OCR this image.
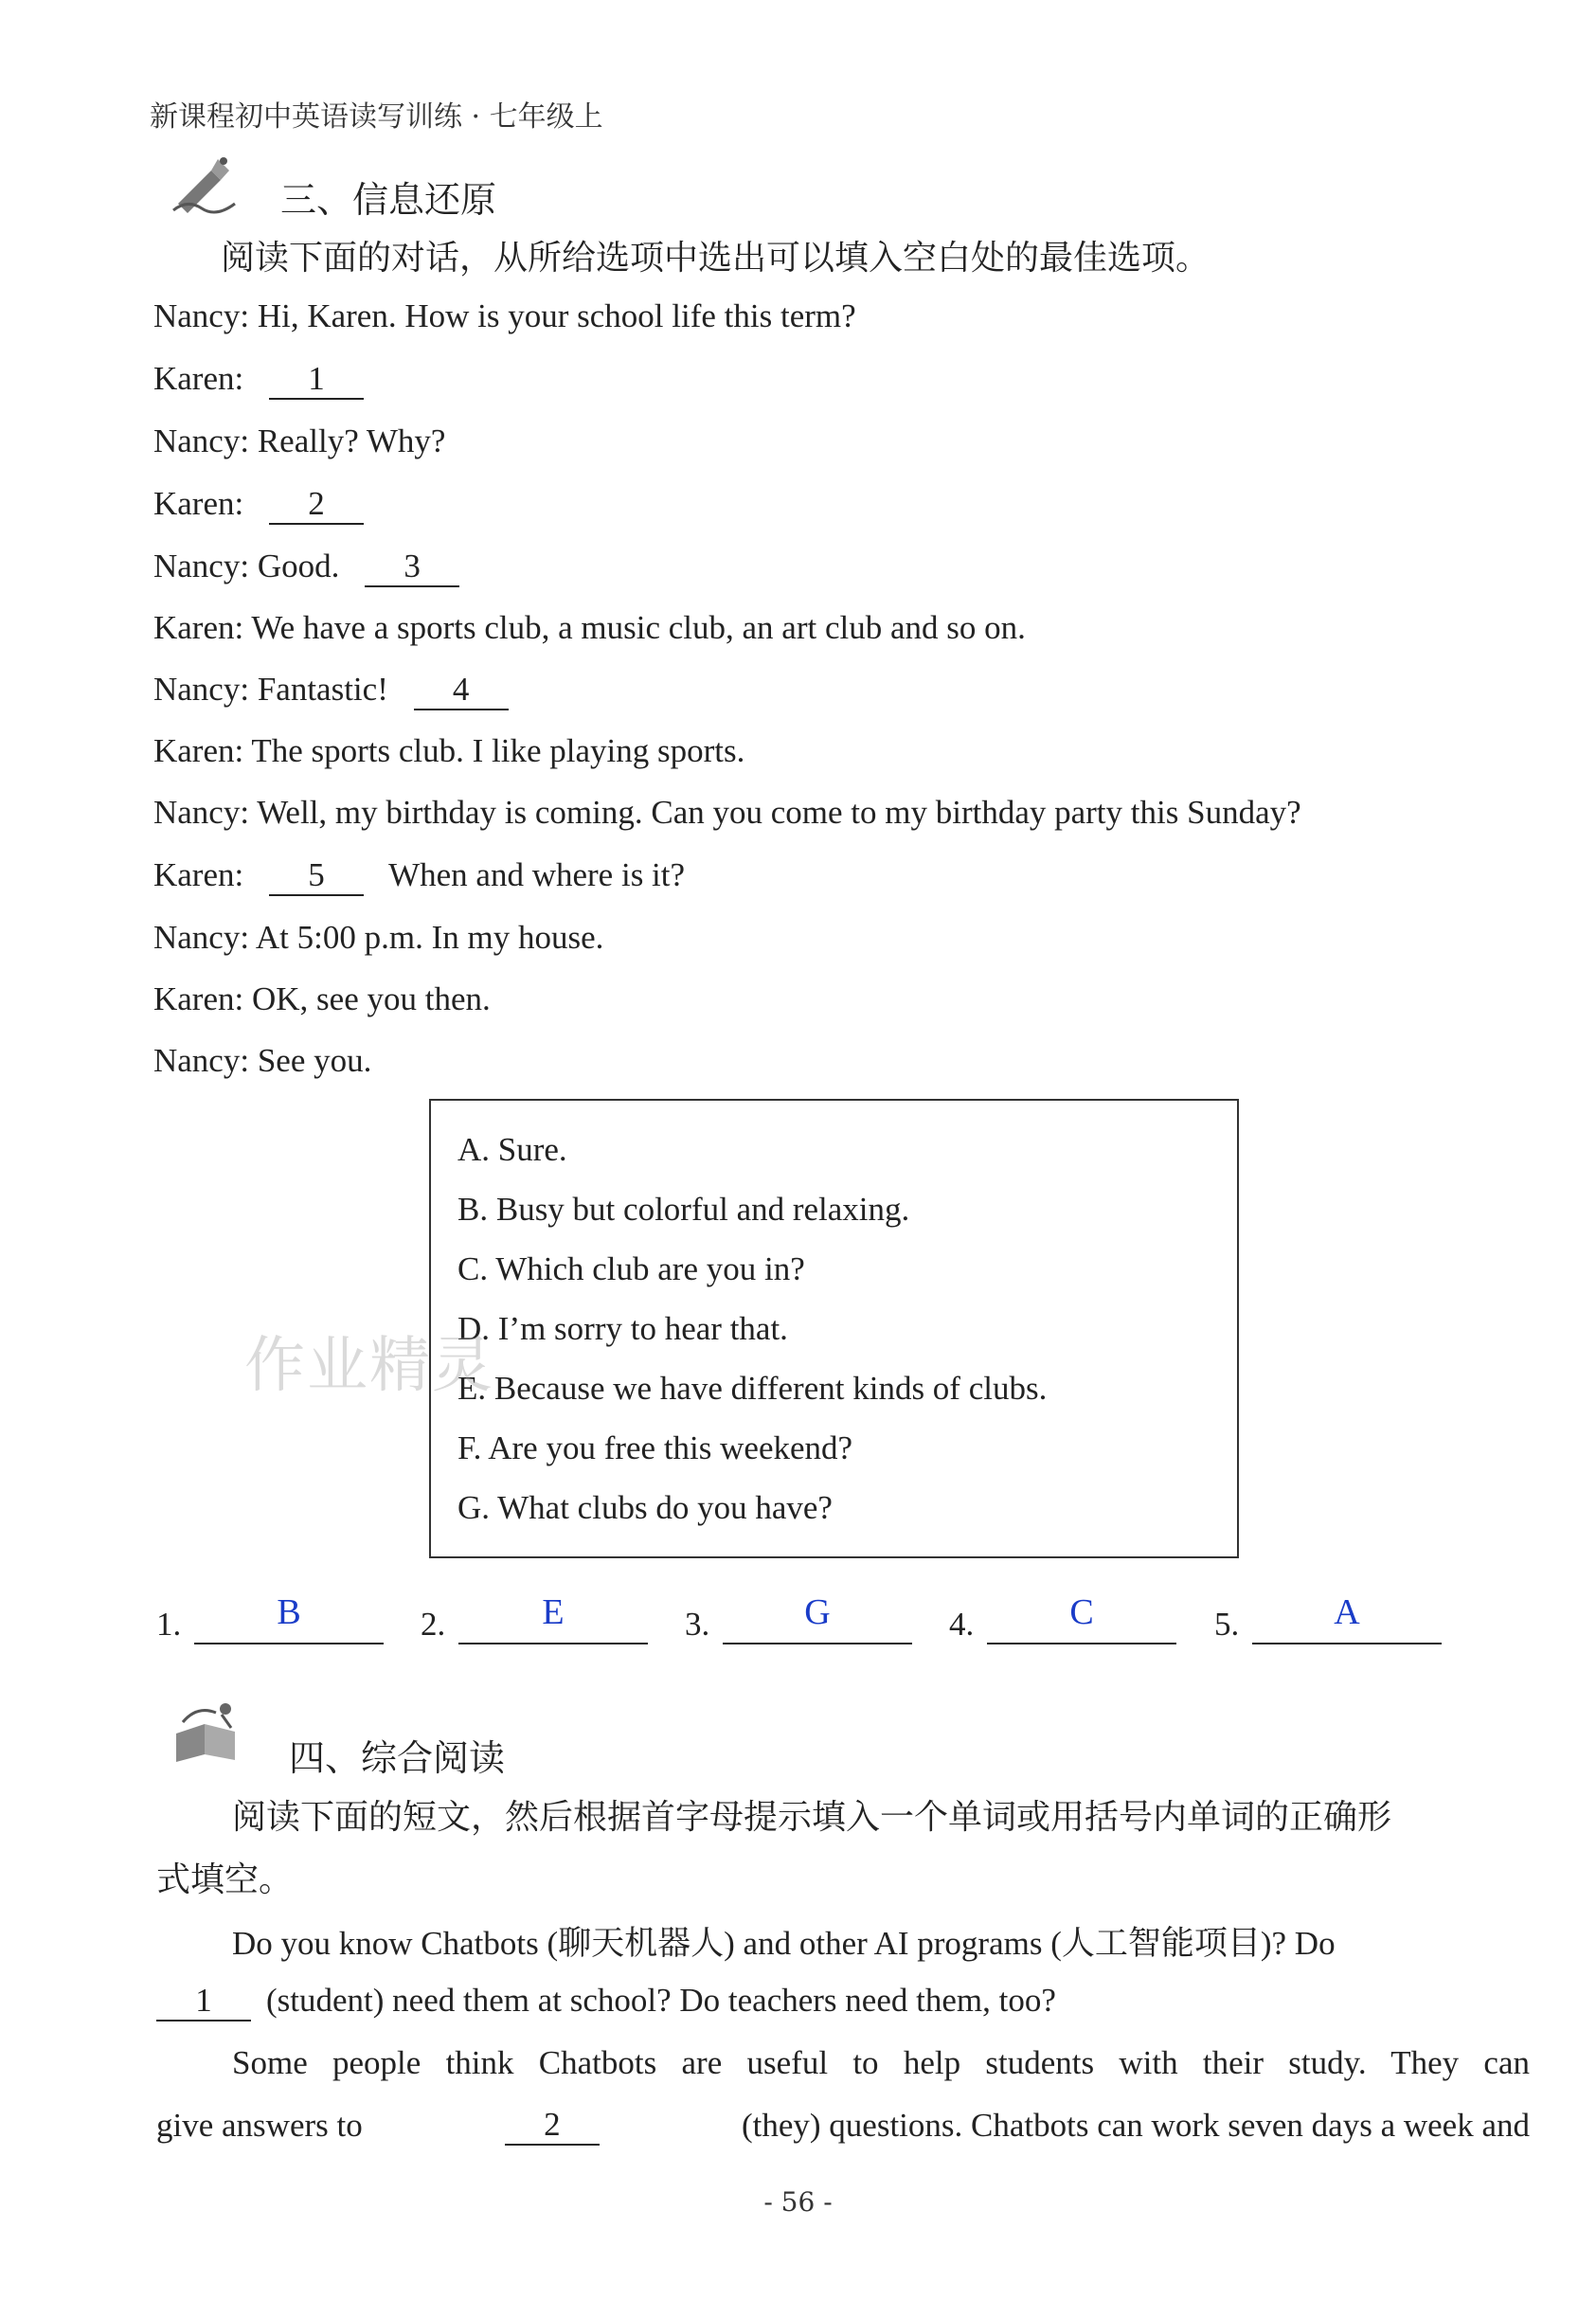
新课程初中英语读写训练 · 七年级上
三、信息还原
阅读下面的对话，从所给选项中选出可以填入空白处的最佳选项。
Nancy: Hi, Karen. How is your school life this term?
Karen: 1
Nancy: Really? Why?
Karen: 2
Nancy: Good. 3
Karen: We have a sports club, a music club, an art club and so on.
Nancy: Fantastic! 4
Karen: The sports club. I like playing sports.
Nancy: Well, my birthday is coming. Can you come to my birthday party this Sunday?
Karen: 5 When and where is it?
Nancy: At 5:00 p.m. In my house.
Karen: OK, see you then.
Nancy: See you.
A. Sure.
B. Busy but colorful and relaxing.
C. Which club are you in?
D. I’m sorry to hear that.
E. Because we have different kinds of clubs.
F. Are you free this weekend?
G. What clubs do you have?
作业精灵
1.	B	2.	E	3.	G	4.	C	5.	A
四、综合阅读
阅读下面的短文，然后根据首字母提示填入一个单词或用括号内单词的正确形
式填空。
Do you know Chatbots (聊天机器人) and other AI programs (人工智能项目)? Do
1 (student) need them at school? Do teachers need them, too?
Some people think Chatbots are useful to help students with their study. They can
give answers to	2	(they) questions. Chatbots can work seven days a week and
- 56 -
